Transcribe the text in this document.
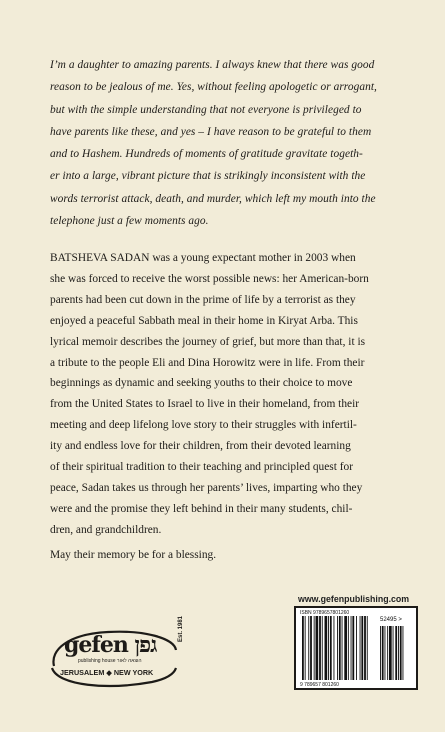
I’m a daughter to amazing parents. I always knew that there was good
reason to be jealous of me. Yes, without feeling apologetic or arrogant,
but with the simple understanding that not everyone is privileged to
have parents like these, and yes – I have reason to be grateful to them
and to Hashem. Hundreds of moments of gratitude gravitate togeth-
er into a large, vibrant picture that is strikingly inconsistent with the
words terrorist attack, death, and murder, which left my mouth into the
telephone just a few moments ago.
BATSHEVA SADAN was a young expectant mother in 2003 when
she was forced to receive the worst possible news: her American-born
parents had been cut down in the prime of life by a terrorist as they
enjoyed a peaceful Sabbath meal in their home in Kiryat Arba. This
lyrical memoir describes the journey of grief, but more than that, it is
a tribute to the people Eli and Dina Horowitz were in life. From their
beginnings as dynamic and seeking youths to their choice to move
from the United States to Israel to live in their homeland, from their
meeting and deep lifelong love story to their struggles with infertil-
ity and endless love for their children, from their devoted learning
of their spiritual tradition to their teaching and principled quest for
peace, Sadan takes us through her parents’ lives, imparting who they
were and the promise they left behind in their many students, chil-
dren, and grandchildren.

May their memory be for a blessing.

gefen גפן
publishing house הוצאה לאור
JERUSALEM ◆ NEW YORK
Est. 1981
www.gefenpublishing.com
ISBN 9789657801260
52495 >
9 789657 801260
